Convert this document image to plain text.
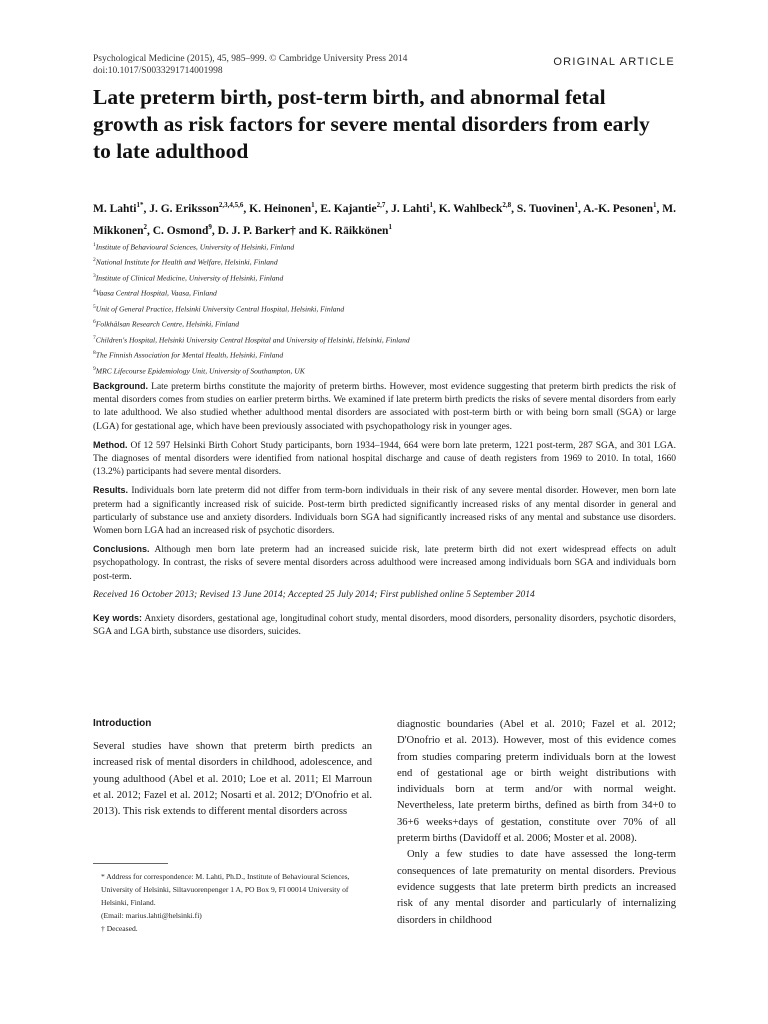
Psychological Medicine (2015), 45, 985–999. © Cambridge University Press 2014
doi:10.1017/S0033291714001998
ORIGINAL ARTICLE
Late preterm birth, post-term birth, and abnormal fetal growth as risk factors for severe mental disorders from early to late adulthood
M. Lahti$^{1*}$, J. G. Eriksson$^{2,3,4,5,6}$, K. Heinonen$^1$, E. Kajantie$^{2,7}$, J. Lahti$^1$, K. Wahlbeck$^{2,8}$, S. Tuovinen$^1$, A.-K. Pesonen$^1$, M. Mikkonen$^2$, C. Osmond$^9$, D. J. P. Barker† and K. Räikkönen$^1$
$^1$Institute of Behavioural Sciences, University of Helsinki, Finland
$^2$National Institute for Health and Welfare, Helsinki, Finland
$^3$Institute of Clinical Medicine, University of Helsinki, Finland
$^4$Vaasa Central Hospital, Vaasa, Finland
$^5$Unit of General Practice, Helsinki University Central Hospital, Helsinki, Finland
$^6$Folkhälsan Research Centre, Helsinki, Finland
$^7$Children's Hospital, Helsinki University Central Hospital and University of Helsinki, Helsinki, Finland
$^8$The Finnish Association for Mental Health, Helsinki, Finland
$^9$MRC Lifecourse Epidemiology Unit, University of Southampton, UK

Background. Late preterm births constitute the majority of preterm births. However, most evidence suggesting that preterm birth predicts the risk of mental disorders comes from studies on earlier preterm births. We examined if late preterm birth predicts the risks of severe mental disorders from early to late adulthood. We also studied whether adulthood mental disorders are associated with post-term birth or with being born small (SGA) or large (LGA) for gestational age, which have been previously associated with psychopathology risk in younger ages.

Method. Of 12 597 Helsinki Birth Cohort Study participants, born 1934–1944, 664 were born late preterm, 1221 post-term, 287 SGA, and 301 LGA. The diagnoses of mental disorders were identified from national hospital discharge and cause of death registers from 1969 to 2010. In total, 1660 (13.2%) participants had severe mental disorders.

Results. Individuals born late preterm did not differ from term-born individuals in their risk of any severe mental disorder. However, men born late preterm had a significantly increased risk of suicide. Post-term birth predicted significantly increased risks of any mental disorder in general and particularly of substance use and anxiety disorders. Individuals born SGA had significantly increased risks of any mental and substance use disorders. Women born LGA had an increased risk of psychotic disorders.

Conclusions. Although men born late preterm had an increased suicide risk, late preterm birth did not exert widespread effects on adult psychopathology. In contrast, the risks of severe mental disorders across adulthood were increased among individuals born SGA and individuals born post-term.

Received 16 October 2013; Revised 13 June 2014; Accepted 25 July 2014; First published online 5 September 2014

Key words: Anxiety disorders, gestational age, longitudinal cohort study, mental disorders, mood disorders, personality disorders, psychotic disorders, SGA and LGA birth, substance use disorders, suicides.

Introduction

Several studies have shown that preterm birth predicts an increased risk of mental disorders in childhood, adolescence, and young adulthood (Abel et al. 2010; Loe et al. 2011; El Marroun et al. 2012; Fazel et al. 2012; Nosarti et al. 2012; D'Onofrio et al. 2013). This risk extends to different mental disorders across

diagnostic boundaries (Abel et al. 2010; Fazel et al. 2012; D'Onofrio et al. 2013). However, most of this evidence comes from studies comparing preterm individuals born at the lowest end of gestational age or birth weight distributions with individuals born at term and/or with normal weight. Nevertheless, late preterm births, defined as birth from 34+0 to 36+6 weeks+days of gestation, constitute over 70% of all preterm births (Davidoff et al. 2006; Moster et al. 2008).

Only a few studies to date have assessed the long-term consequences of late prematurity on mental disorders. Previous evidence suggests that late preterm birth predicts an increased risk of any mental disorder and particularly of internalizing disorders in childhood

* Address for correspondence: M. Lahti, Ph.D., Institute of Behavioural Sciences, University of Helsinki, Siltavuorenpenger 1 A, PO Box 9, FI 00014 University of Helsinki, Finland.

(Email: marius.lahti@helsinki.fi)

† Deceased.
